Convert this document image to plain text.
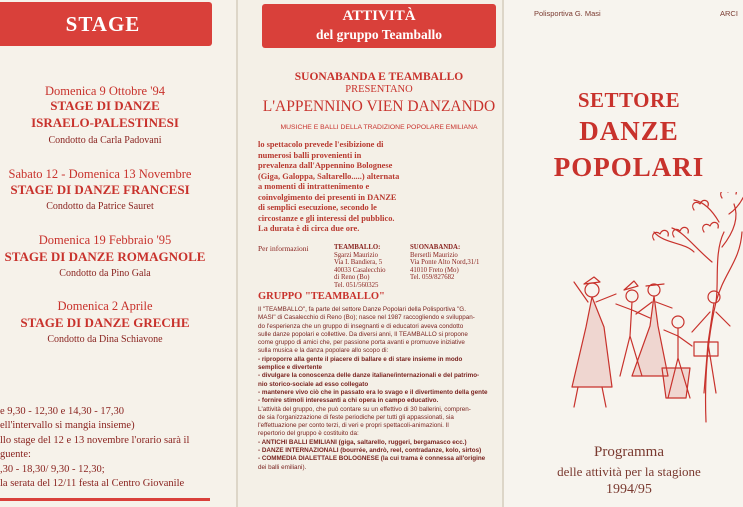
STAGE
Domenica 9 Ottobre '94
STAGE DI DANZE
ISRAELO-PALESTINESI
Condotto da Carla Padovani
Sabato 12 - Domenica 13 Novembre
STAGE DI DANZE FRANCESI
Condotto da Patrice Sauret
Domenica 19 Febbraio '95
STAGE DI DANZE ROMAGNOLE
Condotto da Pino Gala
Domenica 2 Aprile
STAGE DI DANZE GRECHE
Condotto da Dina Schiavone
e 9,30 - 12,30 e 14,30 - 17,30
ell'intervallo si mangia insieme)
llo stage del 12 e 13 novembre l'orario sarà il
guente:
,30 - 18,30/ 9,30 - 12,30;
la serata del 12/11 festa al Centro Giovanile
ATTIVITÀ
del gruppo Teamballo
SUONABANDA E TEAMBALLO
PRESENTANO
L'APPENNINO VIEN DANZANDO
MUSICHE E BALLI DELLA TRADIZIONE POPOLARE EMILIANA
lo spettacolo prevede l'esibizione di
numerosi balli provenienti in
prevalenza dall'Appennino Bolognese
(Giga, Galoppa, Saltarello.....) alternata
a momenti di intrattenimento e
coinvolgimento dei presenti in DANZE
di semplici esecuzione, secondo le
circostanze e gli interessi del pubblico.
La durata è di circa due ore.
Per informazioni	TEAMBALLO:
Sgarzi Maurizio
Via I. Bandiera, 5
40033 Casalecchio
di Reno (Bo)
Tel. 051/560325
SUONABANDA:
Bersetli Maurizio
Via Ponte Alto Nord,31/1
41010 Freto (Mo)
Tel. 059/827682
GRUPPO "TEAMBALLO"
Il "TEAMBALLO", fa parte del settore Danze Popolari della Polisportiva "G.
MASI" di Casalecchio di Reno (Bo); nasce nel 1987 raccogliendo e sviluppan-
do l'esperienza che un gruppo di insegnanti e di educatori aveva condotto
sulle danze popolari e collettive. Da diversi anni, Il TEAMBALLO si propone
come gruppo di amici che, per passione porta avanti e promuove iniziative
sulla musica e la danza popolare allo scopo di:
- riproporre alla gente il piacere di ballare e di stare insieme in modo
semplice e divertente
- divulgare la conoscenza delle danze italiane/internazionali e del patrimo-
nio storico-sociale ad esso collegato
- mantenere vivo ciò che in passato era lo svago e il divertimento della gente
- fornire stimoli interessanti a chi opera in campo educativo.
L'attività del gruppo, che può contare su un effettivo di 30 ballerini, compren-
de sia l'organizzazione di feste periodiche per tutti gli appassionati, sia
l'effettuazione per conto terzi, di veri e propri spettacoli-animazioni. Il
repertorio del gruppo è costituito da:
- ANTICHI BALLI EMILIANI (giga, saltarello, ruggeri, bergamasco ecc.)
- DANZE INTERNAZIONALI (bourrée, andrò, reel, contradanze, kolo, sirtos)
- COMMEDIA DIALETTALE BOLOGNESE (la cui trama è connessa all'origine
dei balli emiliani).
Polisportiva G. Masi	ARCI
SETTORE
DANZE
POPOLARI
Programma
delle attività per la stagione
1994/95
